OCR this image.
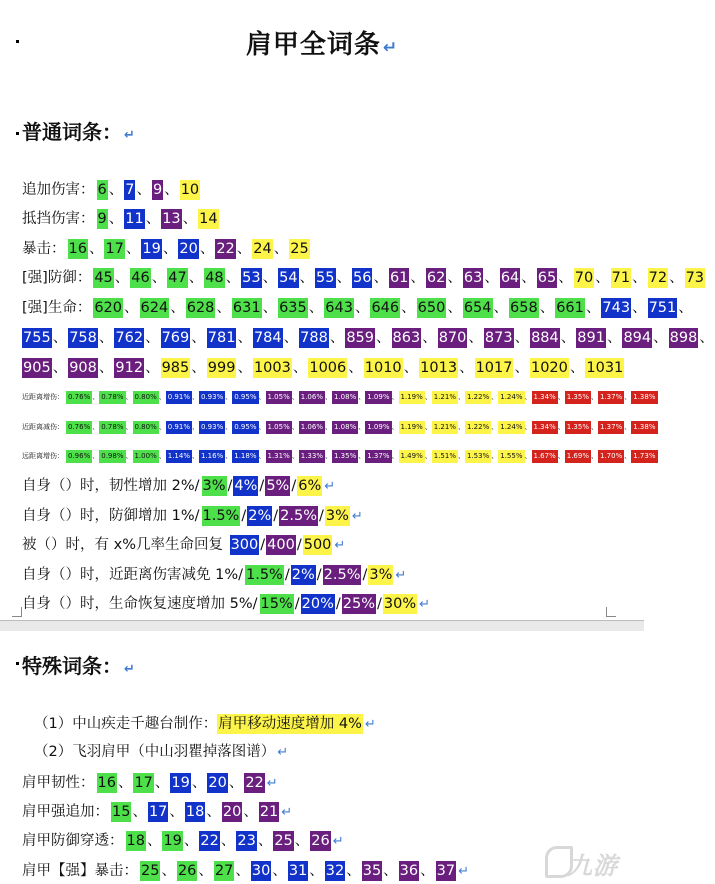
肩甲全词条 ↵
普通词条： ↵
追加伤害： 6 、 7 、 9 、 10
抵挡伤害： 9 、 11 、 13 、 14
暴击： 16 、 17 、 19 、 20 、 22 、 24 、 25
[强]防御： 45 、 46 、 47 、 48 、 53 、 54 、 55 、 56 、 61 、 62 、 63 、 64 、 65 、 70 、 71 、 72 、 73
[强]生命： 620 、 624 、 628 、 631 、 635 、 643 、 646 、 650 、 654 、 658 、 661 、 743 、 751 、
755 、 758 、 762 、 769 、 781 、 784 、 788 、 859 、 863 、 870 、 873 、 884 、 891 、 894 、 898 、
905 、 908 、 912 、 985 、 999 、 1003 、 1006 、 1010 、 1013 、 1017 、 1020 、 1031
近距离增伤： 0.76% 、 0.78% 、 0.80% 、 0.91% 、 0.93% 、 0.95% 、 1.05% 、 1.06% 、 1.08% 、 1.09% 、 1.19% 、 1.21% 、 1.22% 、 1.24% 、 1.34% 、 1.35% 、 1.37% 、 1.38%
近距离减伤： 0.76% 、 0.78% 、 0.80% 、 0.91% 、 0.93% 、 0.95% 、 1.05% 、 1.06% 、 1.08% 、 1.09% 、 1.19% 、 1.21% 、 1.22% 、 1.24% 、 1.34% 、 1.35% 、 1.37% 、 1.38%
远距离增伤： 0.96% 、 0.98% 、 1.00% 、 1.14% 、 1.16% 、 1.18% 、 1.31% 、 1.33% 、 1.35% 、 1.37% 、 1.49% 、 1.51% 、 1.53% 、 1.55% 、 1.67% 、 1.69% 、 1.70% 、 1.73%
自身（）时，韧性增加 2%/ 3% / 4% / 5% / 6% ↵
自身（）时，防御增加 1%/ 1.5% / 2% / 2.5% / 3% ↵
被（）时，有 x%几率生命回复 300 / 400 / 500 ↵
自身（）时，近距离伤害减免 1%/ 1.5% / 2% / 2.5% / 3% ↵
自身（）时，生命恢复速度增加 5%/ 15% / 20% / 25% / 30% ↵
特殊词条： ↵
（1）中山疾走千趣台制作：肩甲移动速度增加 4% ↵
（2）飞羽肩甲（中山羽瞿掉落图谱） ↵
肩甲韧性： 16 、 17 、 19 、 20 、 22 ↵
肩甲强追加： 15 、 17 、 18 、 20 、 21 ↵
肩甲防御穿透： 18 、 19 、 22 、 23 、 25 、 26 ↵
肩甲【强】暴击： 25 、 26 、 27 、 30 、 31 、 32 、 35 、 36 、 37 ↵	九游
